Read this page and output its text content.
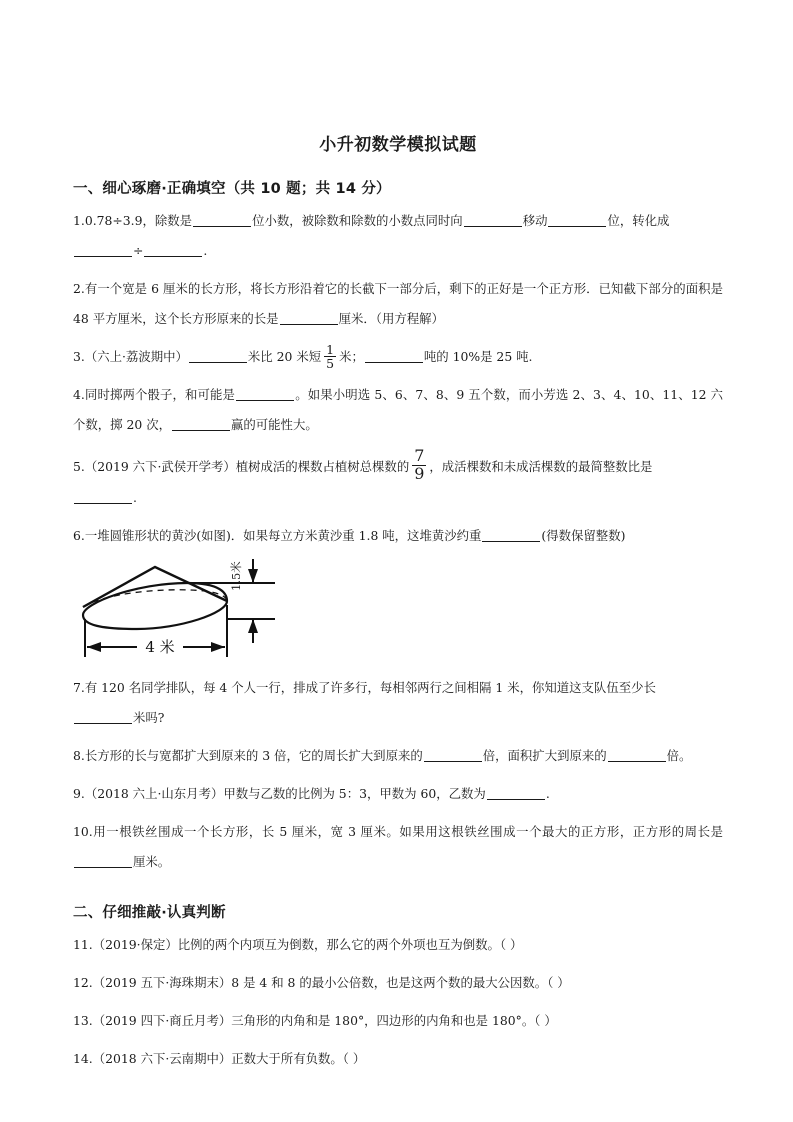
小升初数学模拟试题
一、细心琢磨·正确填空（共 10 题；共 14 分）
1.0.78÷3.9，除数是	位小数，被除数和除数的小数点同时向	移动	位，转化成
÷	.
2.有一个宽是 6 厘米的长方形，将长方形沿着它的长截下一部分后，剩下的正好是一个正方形．已知截下部分的面积是 48 平方厘米，这个长方形原来的长是	厘米．（用方程解）
3.（六上·荔波期中）	米比 20 米短 $\frac{1}{5}$ 米；	吨的 10%是 25 吨.
4.同时掷两个骰子，和可能是	。如果小明选 5、6、7、8、9 五个数，而小芳选 2、3、4、10、11、12 六个数，掷 20 次，	赢的可能性大。
5.（2019 六下·武侯开学考）植树成活的棵数占植树总棵数的 $\frac{7}{9}$ ，成活棵数和未成活棵数的最简整数比是
.
6.一堆圆锥形状的黄沙(如图)．如果每立方米黄沙重 1.8 吨，这堆黄沙约重	(得数保留整数)
4 米
1.5米
7.有 120 名同学排队，每 4 个人一行，排成了许多行，每相邻两行之间相隔 1 米，你知道这支队伍至少长
米吗?
8.长方形的长与宽都扩大到原来的 3 倍，它的周长扩大到原来的	倍，面积扩大到原来的	倍。
9.（2018 六上·山东月考）甲数与乙数的比例为 5：3，甲数为 60，乙数为	.
10.用一根铁丝围成一个长方形，长 5 厘米，宽 3 厘米。如果用这根铁丝围成一个最大的正方形，正方形的周长是厘米。
二、仔细推敲·认真判断
11.（2019·保定）比例的两个内项互为倒数，那么它的两个外项也互为倒数。（ ）
12.（2019 五下·海珠期末）8 是 4 和 8 的最小公倍数，也是这两个数的最大公因数。（ ）
13.（2019 四下·商丘月考）三角形的内角和是 180°，四边形的内角和也是 180°。（ ）
14.（2018 六下·云南期中）正数大于所有负数。（ ）
